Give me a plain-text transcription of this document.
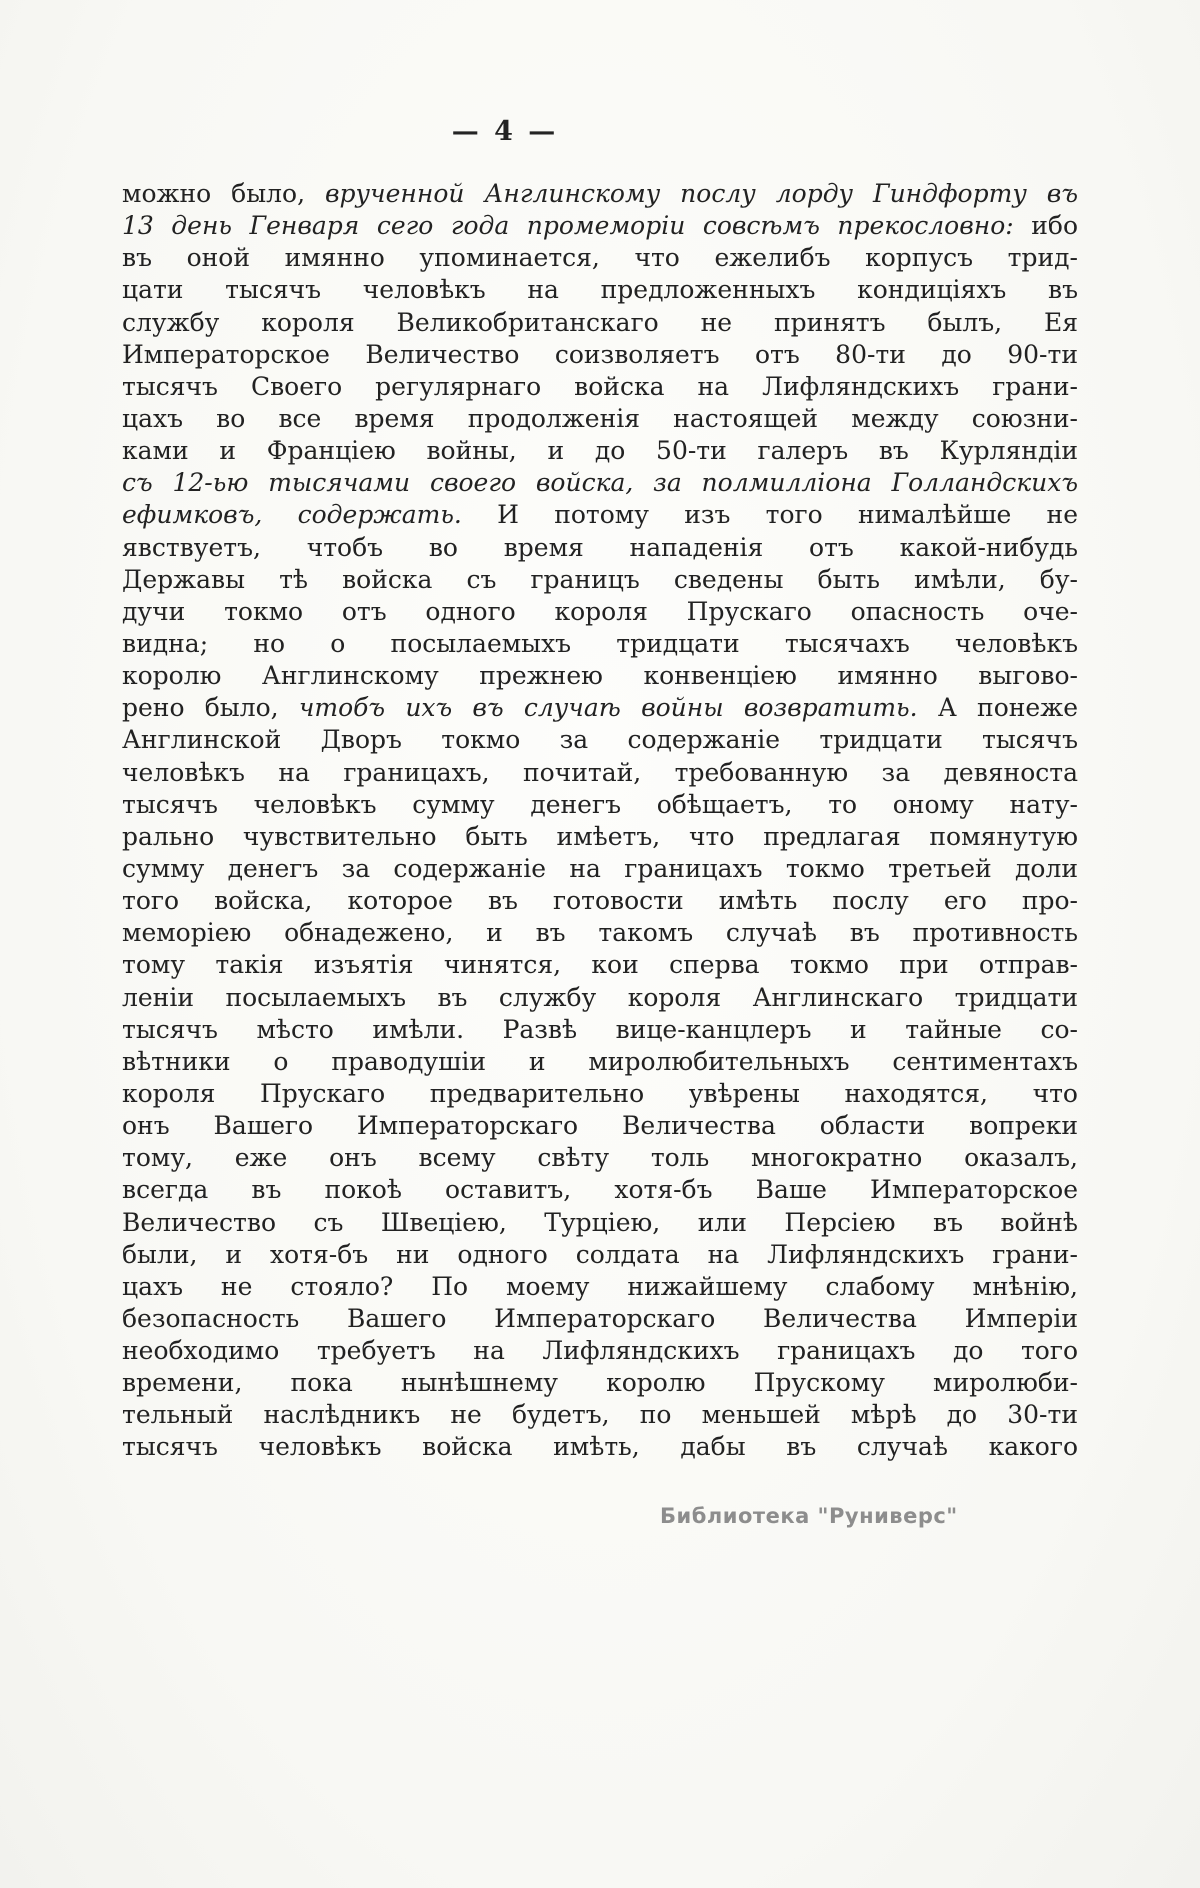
— 4 —
можно было, врученной Англинскому послу лорду Гиндфорту въ
13 день Генваря сего года промеморіи совсѣмъ прекословно: ибо
въ оной имянно упоминается, что ежелибъ корпусъ трид-
цати тысячъ человѣкъ на предложенныхъ кондиціяхъ въ
службу короля Великобританскаго не принятъ былъ, Ея
Императорское Величество соизволяетъ отъ 80-ти до 90-ти
тысячъ Своего регулярнаго войска на Лифляндскихъ грани-
цахъ во все время продолженія настоящей между союзни-
ками и Франціею войны, и до 50-ти галеръ въ Курляндіи
съ 12-ью тысячами своего войска, за полмилліона Голландскихъ
ефимковъ, содержать. И потому изъ того нималѣйше не
явствуетъ, чтобъ во время нападенія отъ какой-нибудь
Державы тѣ войска съ границъ сведены быть имѣли, бу-
дучи токмо отъ одного короля Прускаго опасность оче-
видна; но о посылаемыхъ тридцати тысячахъ человѣкъ
королю Англинскому прежнею конвенціею имянно выгово-
рено было, чтобъ ихъ въ случаѣ войны возвратить. А понеже
Англинской Дворъ токмо за содержаніе тридцати тысячъ
человѣкъ на границахъ, почитай, требованную за девяноста
тысячъ человѣкъ сумму денегъ обѣщаетъ, то оному нату-
рально чувствительно быть имѣетъ, что предлагая помянутую
сумму денегъ за содержаніе на границахъ токмо третьей доли
того войска, которое въ готовости имѣть послу его про-
меморіею обнадежено, и въ такомъ случаѣ въ противность
тому такія изъятія чинятся, кои сперва токмо при отправ-
леніи посылаемыхъ въ службу короля Англинскаго тридцати
тысячъ мѣсто имѣли. Развѣ вице-канцлеръ и тайные со-
вѣтники о праводушіи и миролюбительныхъ сентиментахъ
короля Прускаго предварительно увѣрены находятся, что
онъ Вашего Императорскаго Величества области вопреки
тому, еже онъ всему свѣту толь многократно оказалъ,
всегда въ покоѣ оставитъ, хотя-бъ Ваше Императорское
Величество съ Швеціею, Турціею, или Персіею въ войнѣ
были, и хотя-бъ ни одного солдата на Лифляндскихъ грани-
цахъ не стояло? По моему нижайшему слабому мнѣнію,
безопасность Вашего Императорскаго Величества Имперіи
необходимо требуетъ на Лифляндскихъ границахъ до того
времени, пока нынѣшнему королю Прускому миролюби-
тельный наслѣдникъ не будетъ, по меньшей мѣрѣ до 30-ти
тысячъ человѣкъ войска имѣть, дабы въ случаѣ какого
Библиотека "Руниверс"
